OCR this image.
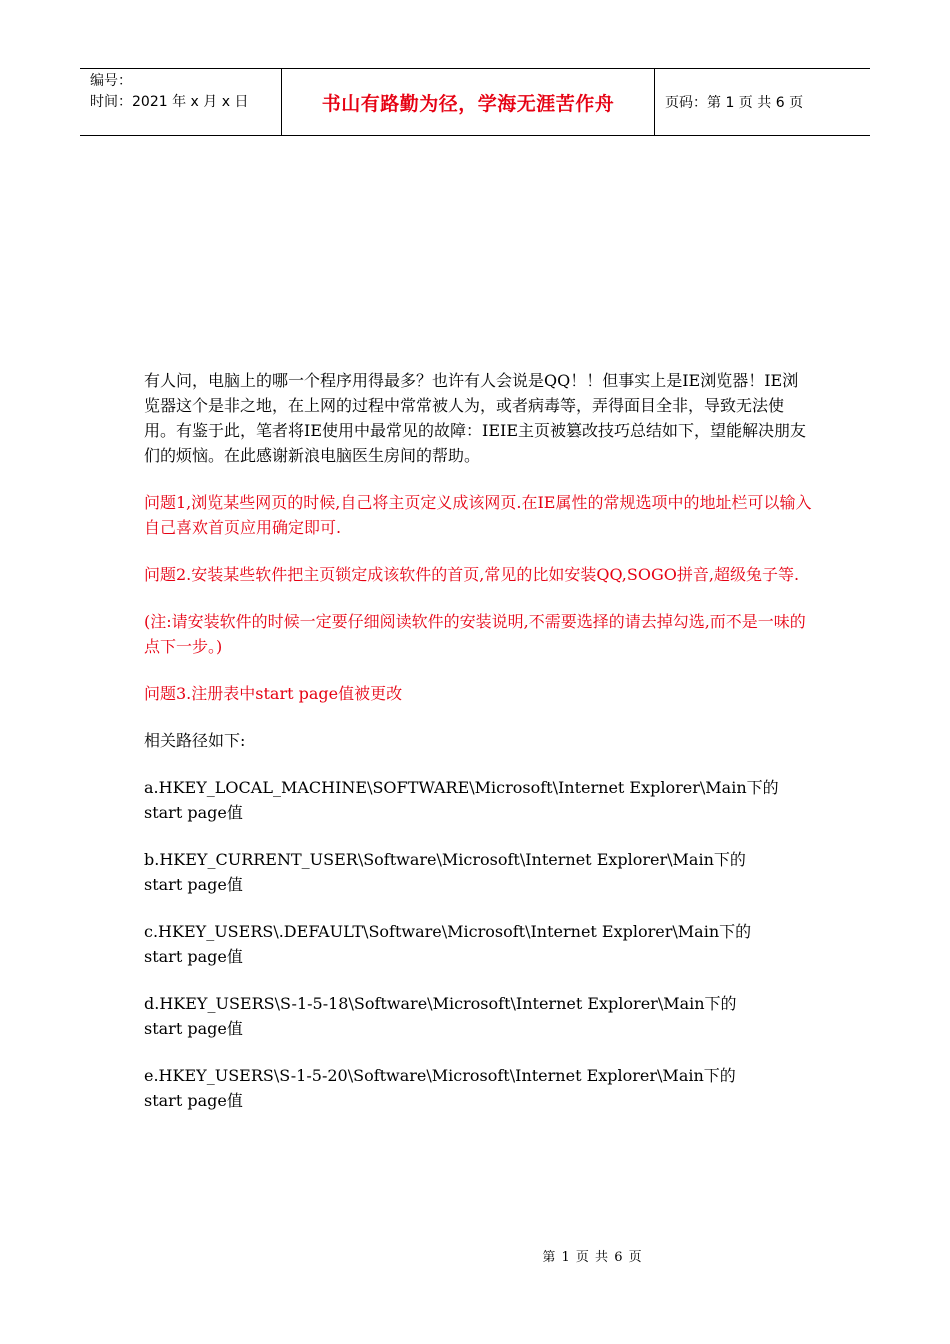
编号：
时间：2021 年 x 月 x 日	书山有路勤为径，学海无涯苦作舟	页码：第 1 页 共 6 页

有人问，电脑上的哪一个程序用得最多？也许有人会说是QQ！！但事实上是IE浏览器！IE浏览器这个是非之地，在上网的过程中常常被人为，或者病毒等，弄得面目全非，导致无法使用。有鉴于此，笔者将IE使用中最常见的故障：IEIE主页被篡改技巧总结如下，望能解决朋友们的烦恼。在此感谢新浪电脑医生房间的帮助。

问题1,浏览某些网页的时候,自己将主页定义成该网页.在IE属性的常规选项中的地址栏可以输入自己喜欢首页应用确定即可.

问题2.安装某些软件把主页锁定成该软件的首页,常见的比如安装QQ,SOGO拼音,超级兔子等.

(注:请安装软件的时候一定要仔细阅读软件的安装说明,不需要选择的请去掉勾选,而不是一味的点下一步。)

问题3.注册表中start page值被更改

相关路径如下:

a.HKEY_LOCAL_MACHINE\SOFTWARE\Microsoft\Internet Explorer\Main下的
start page值
b.HKEY_CURRENT_USER\Software\Microsoft\Internet Explorer\Main下的
start page值
c.HKEY_USERS\.DEFAULT\Software\Microsoft\Internet Explorer\Main下的
start page值
d.HKEY_USERS\S-1-5-18\Software\Microsoft\Internet Explorer\Main下的
start page值
e.HKEY_USERS\S-1-5-20\Software\Microsoft\Internet Explorer\Main下的
start page值
第 1 页 共 6 页
